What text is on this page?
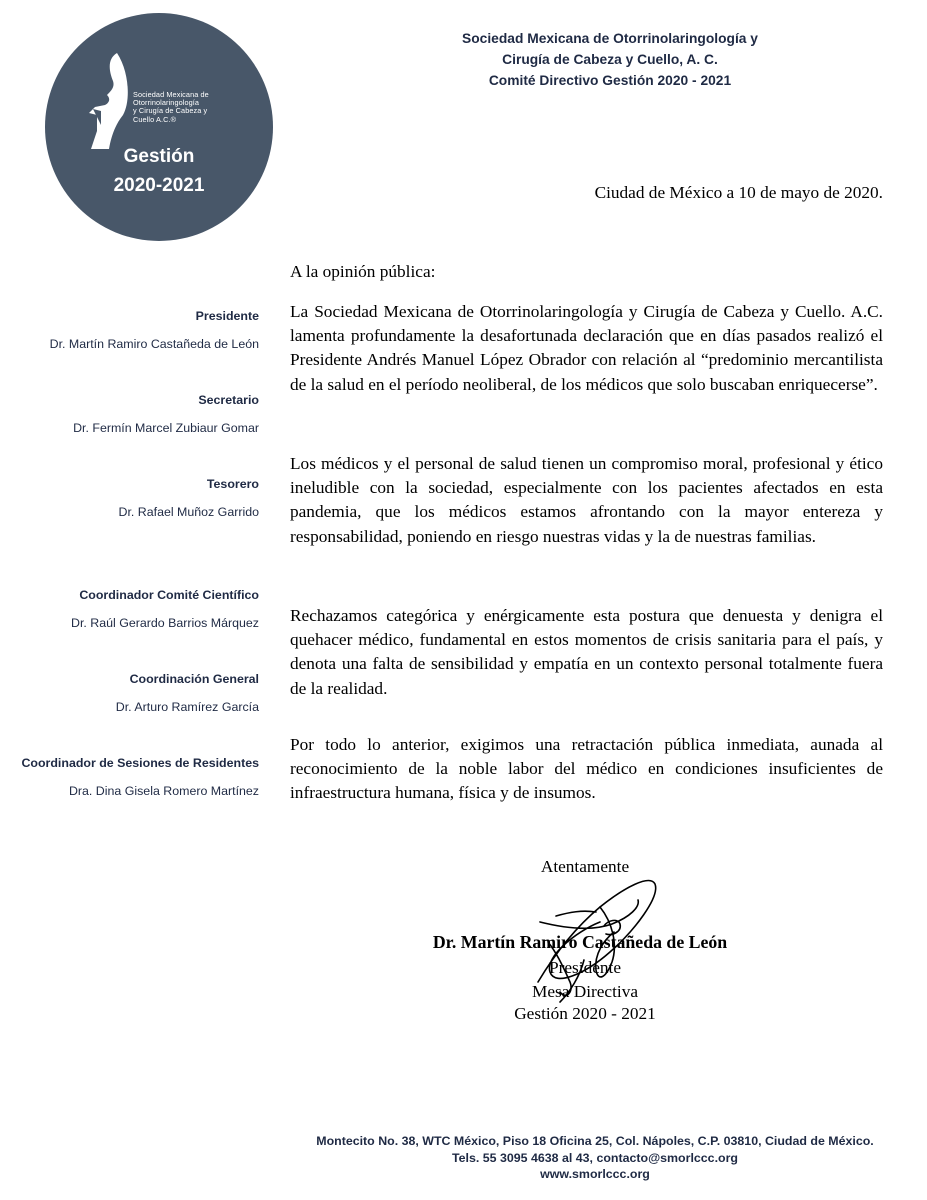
Sociedad Mexicana de
Otorrinolaringología
y Cirugía de Cabeza y
Cuello A.C.®
Gestión
2020-2021
Sociedad Mexicana de Otorrinolaringología y
Cirugía de Cabeza y Cuello, A. C.
Comité Directivo Gestión 2020 - 2021
Ciudad de México a 10 de mayo de 2020.
Presidente
Dr. Martín Ramiro Castañeda de León
Secretario
Dr. Fermín Marcel Zubiaur Gomar
Tesorero
Dr. Rafael Muñoz Garrido
Coordinador Comité Científico
Dr. Raúl Gerardo Barrios Márquez
Coordinación General
Dr. Arturo Ramírez García
Coordinador de Sesiones de Residentes
Dra. Dina Gisela Romero Martínez
A la opinión pública:

La Sociedad Mexicana de Otorrinolaringología y Cirugía de Cabeza y Cuello. A.C. lamenta profundamente la desafortunada declaración que en días pasados realizó el Presidente Andrés Manuel López Obrador con relación al “predominio mercantilista de la salud en el período neoliberal, de los médicos que solo buscaban enriquecerse”.

Los médicos y el personal de salud tienen un compromiso moral, profesional y ético ineludible con la sociedad, especialmente con los pacientes afectados en esta pandemia, que los médicos estamos afrontando con la mayor entereza y responsabilidad, poniendo en riesgo nuestras vidas y la de nuestras familias.

Rechazamos categórica y enérgicamente esta postura que denuesta y denigra el quehacer médico, fundamental en estos momentos de crisis sanitaria para el país, y denota una falta de sensibilidad y empatía en un contexto personal totalmente fuera de la realidad.

Por todo lo anterior, exigimos una retractación pública inmediata, aunada al reconocimiento de la noble labor del médico en condiciones insuficientes de infraestructura humana, física y de insumos.

Atentamente
Dr. Martín Ramiro Castañeda de León
Presidente
Mesa Directiva
Gestión 2020 - 2021
Montecito No. 38, WTC México, Piso 18 Oficina 25, Col. Nápoles, C.P. 03810, Ciudad de México.
Tels. 55 3095 4638 al 43, contacto@smorlccc.org
www.smorlccc.org
